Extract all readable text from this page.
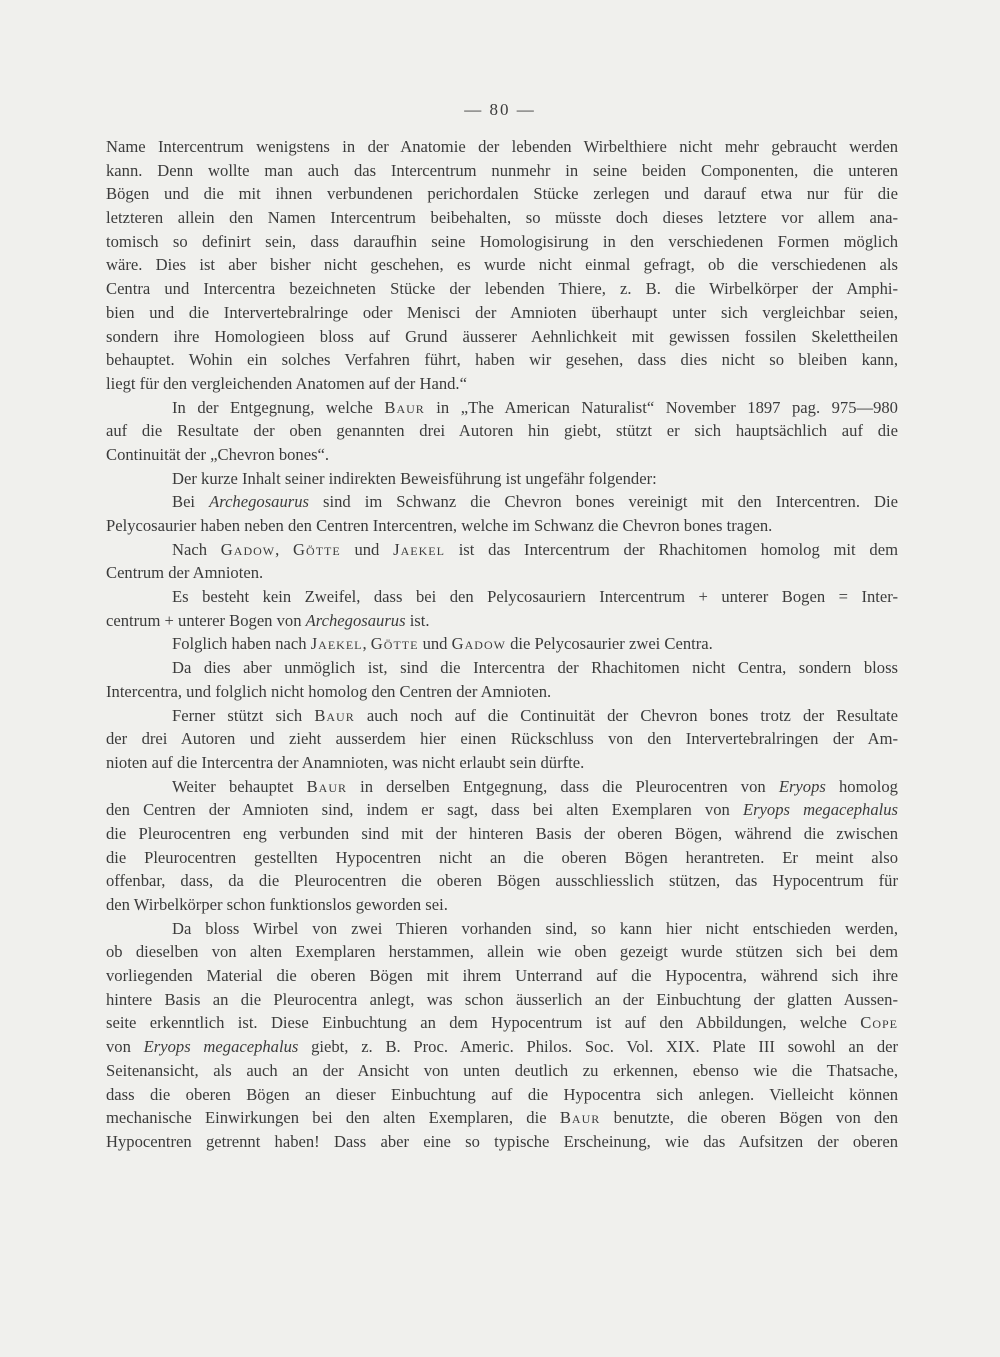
— 80 —
Name Intercentrum wenigstens in der Anatomie der lebenden Wirbelthiere nicht mehr gebraucht werden
kann. Denn wollte man auch das Intercentrum nunmehr in seine beiden Componenten, die unteren
Bögen und die mit ihnen verbundenen perichordalen Stücke zerlegen und darauf etwa nur für die
letzteren allein den Namen Intercentrum beibehalten, so müsste doch dieses letztere vor allem ana-
tomisch so definirt sein, dass daraufhin seine Homologisirung in den verschiedenen Formen möglich
wäre. Dies ist aber bisher nicht geschehen, es wurde nicht einmal gefragt, ob die verschiedenen als
Centra und Intercentra bezeichneten Stücke der lebenden Thiere, z. B. die Wirbelkörper der Amphi-
bien und die Intervertebralringe oder Menisci der Amnioten überhaupt unter sich vergleichbar seien,
sondern ihre Homologieen bloss auf Grund äusserer Aehnlichkeit mit gewissen fossilen Skelettheilen
behauptet. Wohin ein solches Verfahren führt, haben wir gesehen, dass dies nicht so bleiben kann,
liegt für den vergleichenden Anatomen auf der Hand.“
In der Entgegnung, welche Baur in „The American Naturalist“ November 1897 pag. 975—980
auf die Resultate der oben genannten drei Autoren hin giebt, stützt er sich hauptsächlich auf die
Continuität der „Chevron bones“.
Der kurze Inhalt seiner indirekten Beweisführung ist ungefähr folgender:
Bei Archegosaurus sind im Schwanz die Chevron bones vereinigt mit den Intercentren. Die
Pelycosaurier haben neben den Centren Intercentren, welche im Schwanz die Chevron bones tragen.
Nach Gadow, Götte und Jaekel ist das Intercentrum der Rhachitomen homolog mit dem
Centrum der Amnioten.
Es besteht kein Zweifel, dass bei den Pelycosauriern Intercentrum + unterer Bogen = Inter-
centrum + unterer Bogen von Archegosaurus ist.
Folglich haben nach Jaekel, Götte und Gadow die Pelycosaurier zwei Centra.
Da dies aber unmöglich ist, sind die Intercentra der Rhachitomen nicht Centra, sondern bloss
Intercentra, und folglich nicht homolog den Centren der Amnioten.
Ferner stützt sich Baur auch noch auf die Continuität der Chevron bones trotz der Resultate
der drei Autoren und zieht ausserdem hier einen Rückschluss von den Intervertebralringen der Am-
nioten auf die Intercentra der Anamnioten, was nicht erlaubt sein dürfte.
Weiter behauptet Baur in derselben Entgegnung, dass die Pleurocentren von Eryops homolog
den Centren der Amnioten sind, indem er sagt, dass bei alten Exemplaren von Eryops megacephalus
die Pleurocentren eng verbunden sind mit der hinteren Basis der oberen Bögen, während die zwischen
die Pleurocentren gestellten Hypocentren nicht an die oberen Bögen herantreten. Er meint also
offenbar, dass, da die Pleurocentren die oberen Bögen ausschliesslich stützen, das Hypocentrum für
den Wirbelkörper schon funktionslos geworden sei.
Da bloss Wirbel von zwei Thieren vorhanden sind, so kann hier nicht entschieden werden,
ob dieselben von alten Exemplaren herstammen, allein wie oben gezeigt wurde stützen sich bei dem
vorliegenden Material die oberen Bögen mit ihrem Unterrand auf die Hypocentra, während sich ihre
hintere Basis an die Pleurocentra anlegt, was schon äusserlich an der Einbuchtung der glatten Aussen-
seite erkenntlich ist. Diese Einbuchtung an dem Hypocentrum ist auf den Abbildungen, welche Cope
von Eryops megacephalus giebt, z. B. Proc. Americ. Philos. Soc. Vol. XIX. Plate III sowohl an der
Seitenansicht, als auch an der Ansicht von unten deutlich zu erkennen, ebenso wie die Thatsache,
dass die oberen Bögen an dieser Einbuchtung auf die Hypocentra sich anlegen. Vielleicht können
mechanische Einwirkungen bei den alten Exemplaren, die Baur benutzte, die oberen Bögen von den
Hypocentren getrennt haben! Dass aber eine so typische Erscheinung, wie das Aufsitzen der oberen
